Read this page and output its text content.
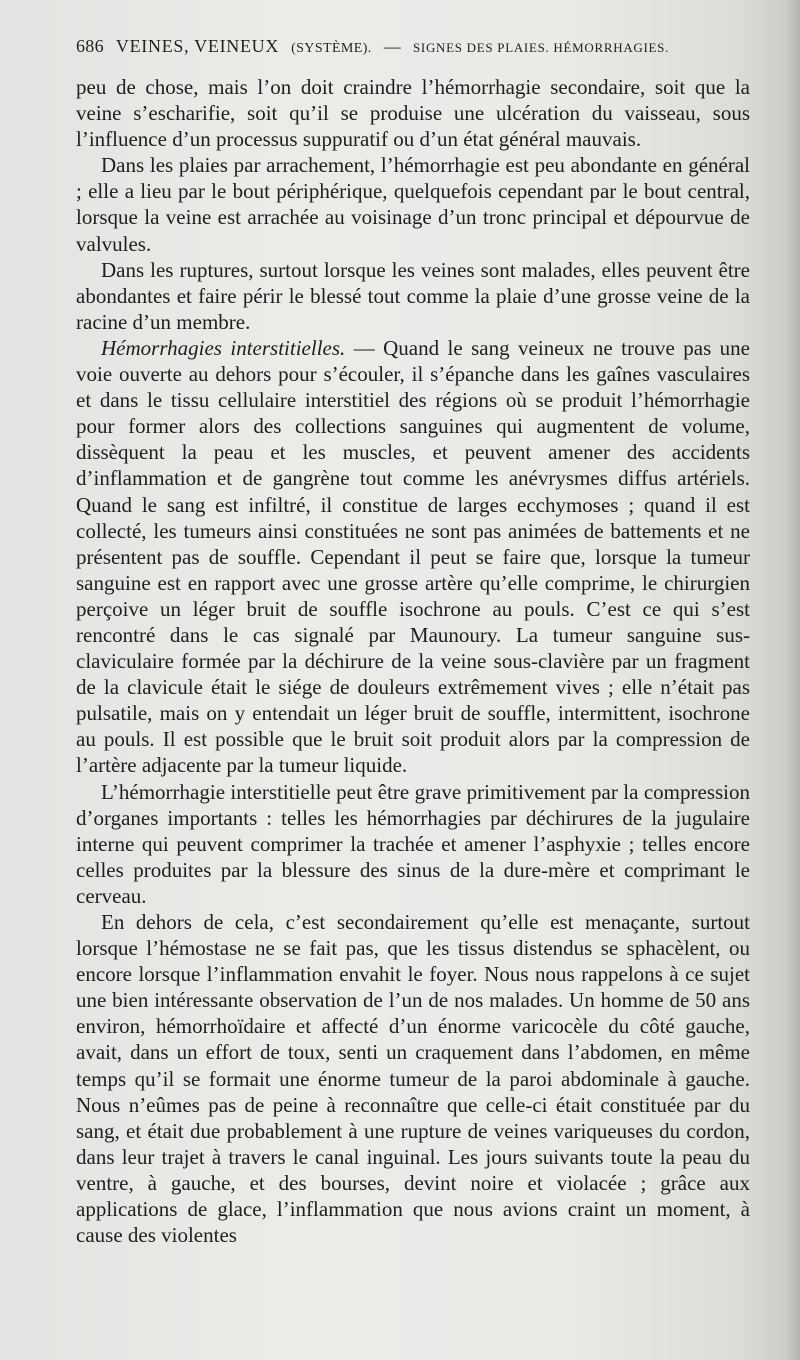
686 VEINES, VEINEUX (SYSTÈME). — SIGNES DES PLAIES. HÉMORRHAGIES.

peu de chose, mais l’on doit craindre l’hémorrhagie secondaire, soit que la veine s’escharifie, soit qu’il se produise une ulcération du vaisseau, sous l’influence d’un processus suppuratif ou d’un état général mauvais.

Dans les plaies par arrachement, l’hémorrhagie est peu abondante en général ; elle a lieu par le bout périphérique, quelquefois cependant par le bout central, lorsque la veine est arrachée au voisinage d’un tronc principal et dépourvue de valvules.

Dans les ruptures, surtout lorsque les veines sont malades, elles peuvent être abondantes et faire périr le blessé tout comme la plaie d’une grosse veine de la racine d’un membre.

Hémorrhagies interstitielles. — Quand le sang veineux ne trouve pas une voie ouverte au dehors pour s’écouler, il s’épanche dans les gaînes vasculaires et dans le tissu cellulaire interstitiel des régions où se produit l’hémorrhagie pour former alors des collections sanguines qui augmentent de volume, dissèquent la peau et les muscles, et peuvent amener des accidents d’inflammation et de gangrène tout comme les anévrysmes diffus artériels. Quand le sang est infiltré, il constitue de larges ecchymoses ; quand il est collecté, les tumeurs ainsi constituées ne sont pas animées de battements et ne présentent pas de souffle. Cependant il peut se faire que, lorsque la tumeur sanguine est en rapport avec une grosse artère qu’elle comprime, le chirurgien perçoive un léger bruit de souffle isochrone au pouls. C’est ce qui s’est rencontré dans le cas signalé par Maunoury. La tumeur sanguine sus-claviculaire formée par la déchirure de la veine sous-clavière par un fragment de la clavicule était le siége de douleurs extrêmement vives ; elle n’était pas pulsatile, mais on y entendait un léger bruit de souffle, intermittent, isochrone au pouls. Il est possible que le bruit soit produit alors par la compression de l’artère adjacente par la tumeur liquide.

L’hémorrhagie interstitielle peut être grave primitivement par la compression d’organes importants : telles les hémorrhagies par déchirures de la jugulaire interne qui peuvent comprimer la trachée et amener l’asphyxie ; telles encore celles produites par la blessure des sinus de la dure-mère et comprimant le cerveau.

En dehors de cela, c’est secondairement qu’elle est menaçante, surtout lorsque l’hémostase ne se fait pas, que les tissus distendus se sphacèlent, ou encore lorsque l’inflammation envahit le foyer. Nous nous rappelons à ce sujet une bien intéressante observation de l’un de nos malades. Un homme de 50 ans environ, hémorrhoïdaire et affecté d’un énorme varicocèle du côté gauche, avait, dans un effort de toux, senti un craquement dans l’abdomen, en même temps qu’il se formait une énorme tumeur de la paroi abdominale à gauche. Nous n’eûmes pas de peine à reconnaître que celle-ci était constituée par du sang, et était due probablement à une rupture de veines variqueuses du cordon, dans leur trajet à travers le canal inguinal. Les jours suivants toute la peau du ventre, à gauche, et des bourses, devint noire et violacée ; grâce aux applications de glace, l’inflammation que nous avions craint un moment, à cause des violentes
